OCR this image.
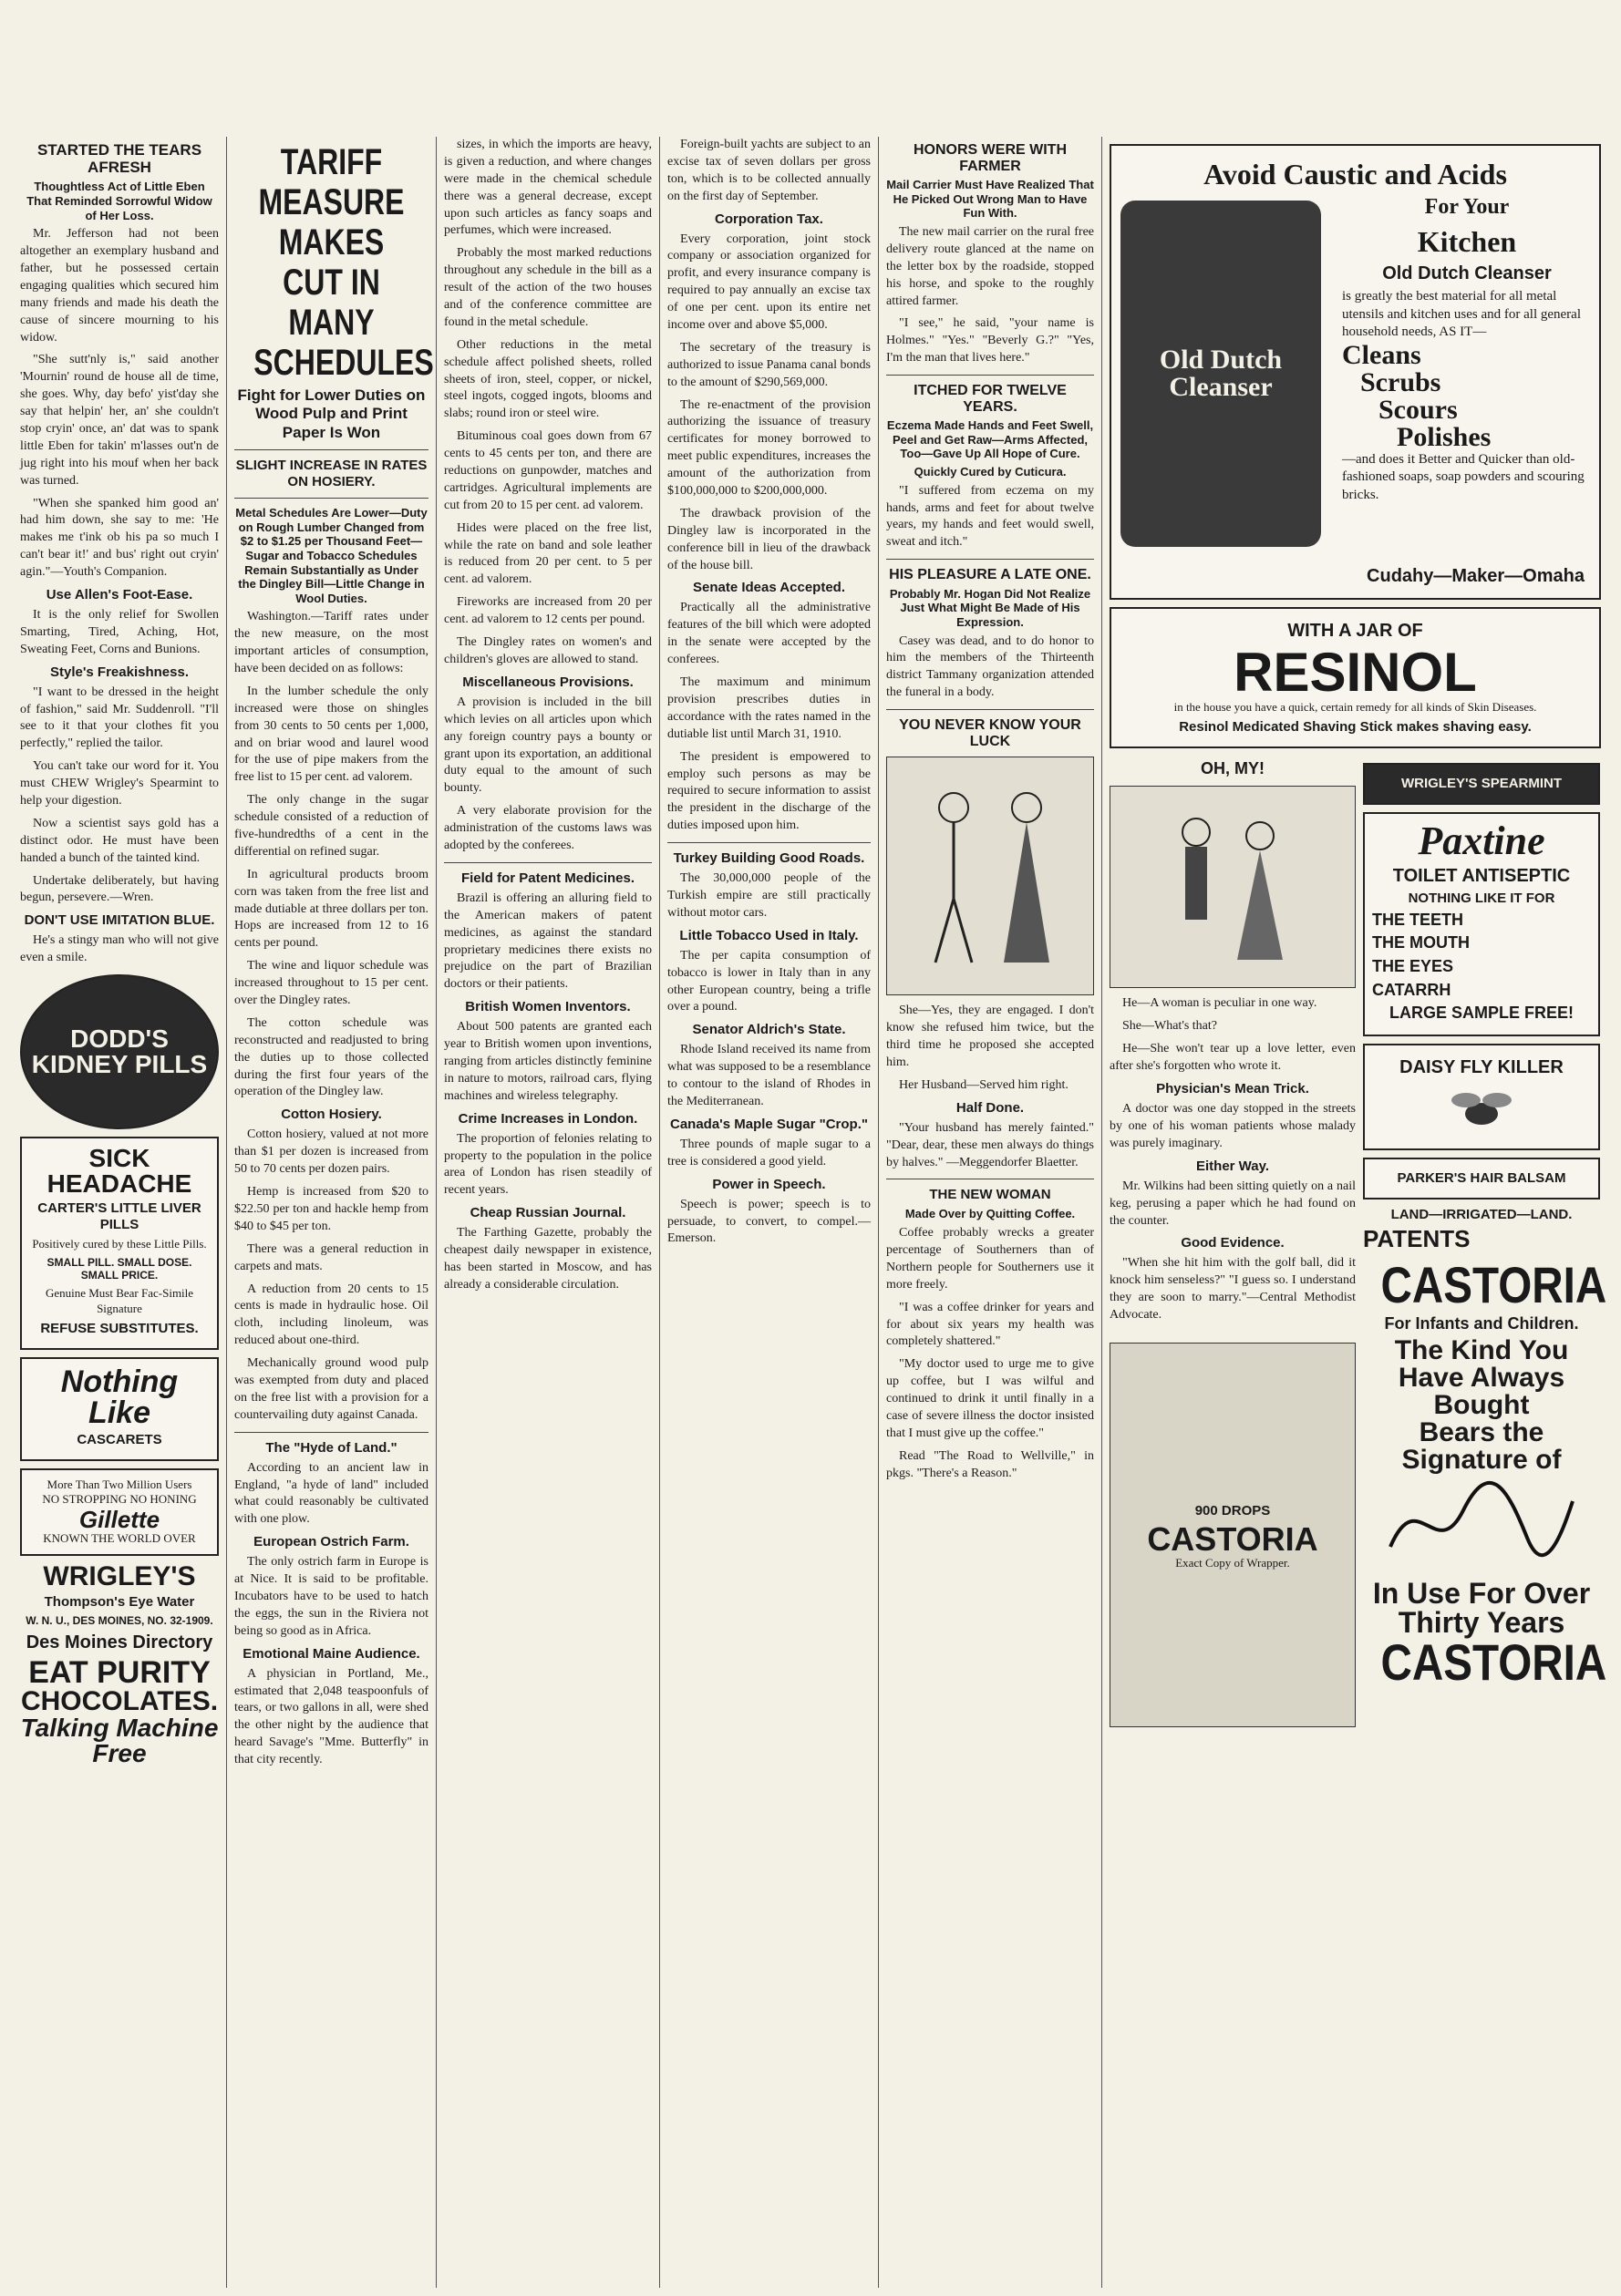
STARTED THE TEARS AFRESH
Thoughtless Act of Little Eben That Reminded Sorrowful Widow of Her Loss.

Mr. Jefferson had not been altogether an exemplary husband and father, but he possessed certain engaging qualities which secured him many friends and made his death the cause of sincere mourning to his widow.

"She sutt'nly is," said another 'Mournin' round de house all de time, she goes. Why, day befo' yist'day she say that helpin' her, an' she couldn't stop cryin' once, an' dat was to spank little Eben for takin' m'lasses out'n de jug right into his mouf when her back was turned.

"When she spanked him good an' had him down, she say to me: 'He makes me t'ink ob his pa so much I can't bear it!' and bus' right out cryin' agin."—Youth's Companion.

Use Allen's Foot-Ease.

It is the only relief for Swollen Smarting, Tired, Aching, Hot, Sweating Feet, Corns and Bunions.

Style's Freakishness.

"I want to be dressed in the height of fashion," said Mr. Suddenroll. "I'll see to it that your clothes fit you perfectly," replied the tailor.

You can't take our word for it. You must CHEW Wrigley's Spearmint to help your digestion.

Now a scientist says gold has a distinct odor. He must have been handed a bunch of the tainted kind.

Undertake deliberately, but having begun, persevere.—Wren.

DON'T USE IMITATION BLUE.

He's a stingy man who will not give even a smile.

DODD'S KIDNEY PILLS
SICK HEADACHE
CARTER'S LITTLE LIVER PILLS
Positively cured by these Little Pills.
SMALL PILL. SMALL DOSE. SMALL PRICE.
Genuine Must Bear Fac-Simile Signature
REFUSE SUBSTITUTES.
Nothing Like
CASCARETS
More Than Two Million Users
NO STROPPING NO HONING
Gillette
KNOWN THE WORLD OVER
WRIGLEY'S
Thompson's Eye Water
W. N. U., DES MOINES, NO. 32-1909.
Des Moines Directory
EAT PURITY
CHOCOLATES.
Talking Machine Free
TARIFF MEASURE MAKES CUT IN MANY SCHEDULES
Fight for Lower Duties on Wood Pulp and Print Paper Is Won
SLIGHT INCREASE IN RATES ON HOSIERY.
Metal Schedules Are Lower—Duty on Rough Lumber Changed from $2 to $1.25 per Thousand Feet—Sugar and Tobacco Schedules Remain Substantially as Under the Dingley Bill—Little Change in Wool Duties.

Washington.—Tariff rates under the new measure, on the most important articles of consumption, have been decided on as follows:

In the lumber schedule the only increased were those on shingles from 30 cents to 50 cents per 1,000, and on briar wood and laurel wood for the use of pipe makers from the free list to 15 per cent. ad valorem.

The only change in the sugar schedule consisted of a reduction of five-hundredths of a cent in the differential on refined sugar.

In agricultural products broom corn was taken from the free list and made dutiable at three dollars per ton. Hops are increased from 12 to 16 cents per pound.

The wine and liquor schedule was increased throughout to 15 per cent. over the Dingley rates.

The cotton schedule was reconstructed and readjusted to bring the duties up to those collected during the first four years of the operation of the Dingley law.

Cotton Hosiery.

Cotton hosiery, valued at not more than $1 per dozen is increased from 50 to 70 cents per dozen pairs.

Hemp is increased from $20 to $22.50 per ton and hackle hemp from $40 to $45 per ton.

There was a general reduction in carpets and mats.

A reduction from 20 cents to 15 cents is made in hydraulic hose. Oil cloth, including linoleum, was reduced about one-third.

Mechanically ground wood pulp was exempted from duty and placed on the free list with a provision for a countervailing duty against Canada.

The "Hyde of Land."

According to an ancient law in England, "a hyde of land" included what could reasonably be cultivated with one plow.

European Ostrich Farm.

The only ostrich farm in Europe is at Nice. It is said to be profitable. Incubators have to be used to hatch the eggs, the sun in the Riviera not being so good as in Africa.

Emotional Maine Audience.

A physician in Portland, Me., estimated that 2,048 teaspoonfuls of tears, or two gallons in all, were shed the other night by the audience that heard Savage's "Mme. Butterfly" in that city recently.

sizes, in which the imports are heavy, is given a reduction, and where changes were made in the chemical schedule there was a general decrease, except upon such articles as fancy soaps and perfumes, which were increased.

Probably the most marked reductions throughout any schedule in the bill as a result of the action of the two houses and of the conference committee are found in the metal schedule.

Other reductions in the metal schedule affect polished sheets, rolled sheets of iron, steel, copper, or nickel, steel ingots, cogged ingots, blooms and slabs; round iron or steel wire.

Bituminous coal goes down from 67 cents to 45 cents per ton, and there are reductions on gunpowder, matches and cartridges. Agricultural implements are cut from 20 to 15 per cent. ad valorem.

Hides were placed on the free list, while the rate on band and sole leather is reduced from 20 per cent. to 5 per cent. ad valorem.

Fireworks are increased from 20 per cent. ad valorem to 12 cents per pound.

The Dingley rates on women's and children's gloves are allowed to stand.

Miscellaneous Provisions.

A provision is included in the bill which levies on all articles upon which any foreign country pays a bounty or grant upon its exportation, an additional duty equal to the amount of such bounty.

A very elaborate provision for the administration of the customs laws was adopted by the conferees.

Field for Patent Medicines.

Brazil is offering an alluring field to the American makers of patent medicines, as against the standard proprietary medicines there exists no prejudice on the part of Brazilian doctors or their patients.

British Women Inventors.

About 500 patents are granted each year to British women upon inventions, ranging from articles distinctly feminine in nature to motors, railroad cars, flying machines and wireless telegraphy.

Crime Increases in London.

The proportion of felonies relating to property to the population in the police area of London has risen steadily of recent years.

Cheap Russian Journal.

The Farthing Gazette, probably the cheapest daily newspaper in existence, has been started in Moscow, and has already a considerable circulation.

Foreign-built yachts are subject to an excise tax of seven dollars per gross ton, which is to be collected annually on the first day of September.

Corporation Tax.

Every corporation, joint stock company or association organized for profit, and every insurance company is required to pay annually an excise tax of one per cent. upon its entire net income over and above $5,000.

The secretary of the treasury is authorized to issue Panama canal bonds to the amount of $290,569,000.

The re-enactment of the provision authorizing the issuance of treasury certificates for money borrowed to meet public expenditures, increases the amount of the authorization from $100,000,000 to $200,000,000.

The drawback provision of the Dingley law is incorporated in the conference bill in lieu of the drawback of the house bill.

Senate Ideas Accepted.

Practically all the administrative features of the bill which were adopted in the senate were accepted by the conferees.

The maximum and minimum provision prescribes duties in accordance with the rates named in the dutiable list until March 31, 1910.

The president is empowered to employ such persons as may be required to secure information to assist the president in the discharge of the duties imposed upon him.

Turkey Building Good Roads.

The 30,000,000 people of the Turkish empire are still practically without motor cars.

Little Tobacco Used in Italy.

The per capita consumption of tobacco is lower in Italy than in any other European country, being a trifle over a pound.

Senator Aldrich's State.

Rhode Island received its name from what was supposed to be a resemblance to contour to the island of Rhodes in the Mediterranean.

Canada's Maple Sugar "Crop."

Three pounds of maple sugar to a tree is considered a good yield.

Power in Speech.

Speech is power; speech is to persuade, to convert, to compel.—Emerson.

HONORS WERE WITH FARMER
Mail Carrier Must Have Realized That He Picked Out Wrong Man to Have Fun With.

The new mail carrier on the rural free delivery route glanced at the name on the letter box by the roadside, stopped his horse, and spoke to the roughly attired farmer.

"I see," he said, "your name is Holmes." "Yes." "Beverly G.?" "Yes, I'm the man that lives here."

ITCHED FOR TWELVE YEARS.
Eczema Made Hands and Feet Swell, Peel and Get Raw—Arms Affected, Too—Gave Up All Hope of Cure.
Quickly Cured by Cuticura.

"I suffered from eczema on my hands, arms and feet for about twelve years, my hands and feet would swell, sweat and itch."

HIS PLEASURE A LATE ONE.
Probably Mr. Hogan Did Not Realize Just What Might Be Made of His Expression.

Casey was dead, and to do honor to him the members of the Thirteenth district Tammany organization attended the funeral in a body.

YOU NEVER KNOW YOUR LUCK

She—Yes, they are engaged. I don't know she refused him twice, but the third time he proposed she accepted him.

Her Husband—Served him right.

Half Done.

"Your husband has merely fainted." "Dear, dear, these men always do things by halves." —Meggendorfer Blaetter.

THE NEW WOMAN
Made Over by Quitting Coffee.

Coffee probably wrecks a greater percentage of Southerners than of Northern people for Southerners use it more freely.

"I was a coffee drinker for years and for about six years my health was completely shattered."

"My doctor used to urge me to give up coffee, but I was wilful and continued to drink it until finally in a case of severe illness the doctor insisted that I must give up the coffee."

Read "The Road to Wellville," in pkgs. "There's a Reason."

Avoid Caustic and Acids
Old Dutch Cleanser
For Your
Kitchen
Old Dutch Cleanser
is greatly the best material for all metal utensils and kitchen uses and for all general household needs, AS IT—
Cleans
Scrubs
Scours
Polishes
—and does it Better and Quicker than old-fashioned soaps, soap powders and scouring bricks.
Cudahy—Maker—Omaha
WITH A JAR OF
RESINOL
in the house you have a quick, certain remedy for all kinds of Skin Diseases.
Resinol Medicated Shaving Stick makes shaving easy.
OH, MY!

He—A woman is peculiar in one way.

She—What's that?

He—She won't tear up a love letter, even after she's forgotten who wrote it.

Physician's Mean Trick.

A doctor was one day stopped in the streets by one of his woman patients whose malady was purely imaginary.

Either Way.

Mr. Wilkins had been sitting quietly on a nail keg, perusing a paper which he had found on the counter.

Good Evidence.

"When she hit him with the golf ball, did it knock him senseless?" "I guess so. I understand they are soon to marry."—Central Methodist Advocate.

900 DROPS
CASTORIA
Exact Copy of Wrapper.
WRIGLEY'S SPEARMINT
Paxtine
TOILET ANTISEPTIC
NOTHING LIKE IT FOR
THE TEETH
THE MOUTH
THE EYES
CATARRH
LARGE SAMPLE FREE!
DAISY FLY KILLER
PARKER'S HAIR BALSAM
LAND—IRRIGATED—LAND.
PATENTS
CASTORIA
For Infants and Children.
The Kind You Have Always Bought
Bears the Signature of
In Use For Over Thirty Years
CASTORIA
